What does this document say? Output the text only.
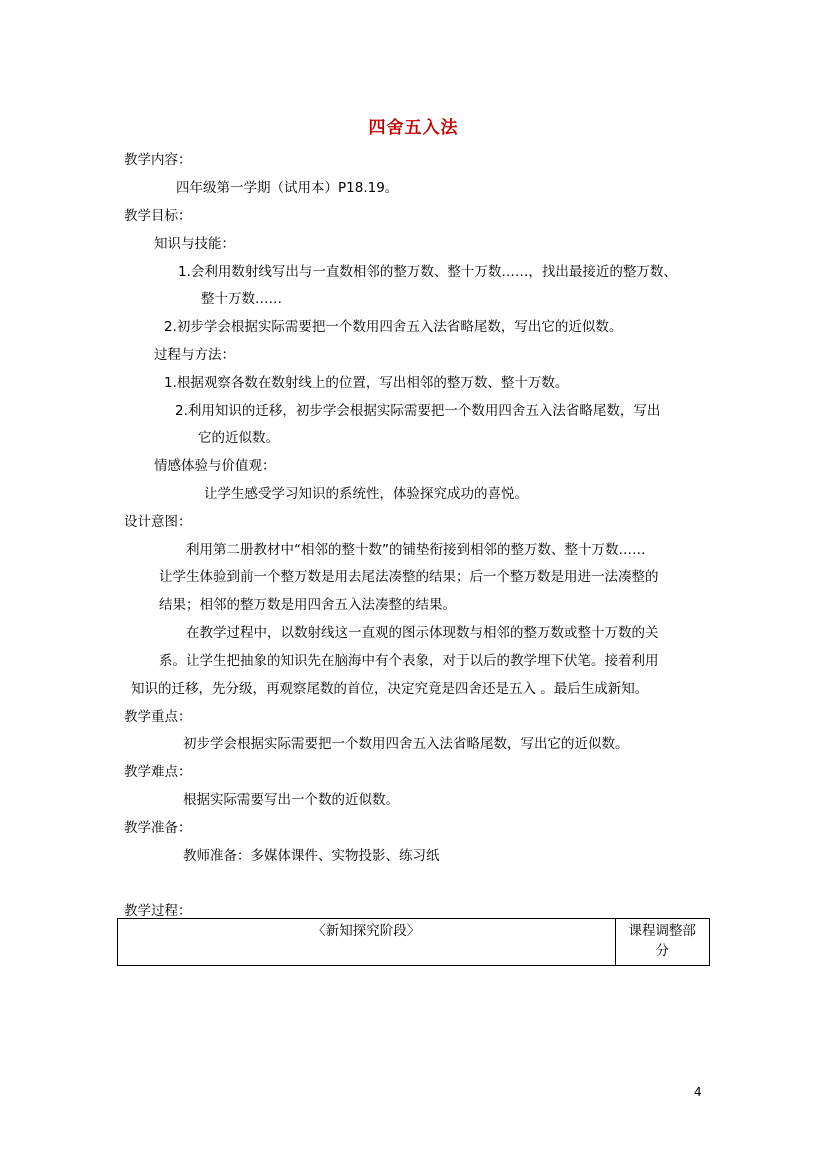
四舍五入法
教学内容：
四年级第一学期（试用本）P18.19。
教学目标：
知识与技能：
1.会利用数射线写出与一直数相邻的整万数、整十万数……，找出最接近的整万数、
整十万数……
2.初步学会根据实际需要把一个数用四舍五入法省略尾数，写出它的近似数。
过程与方法：
1.根据观察各数在数射线上的位置，写出相邻的整万数、整十万数。
2.利用知识的迁移，初步学会根据实际需要把一个数用四舍五入法省略尾数，写出
它的近似数。
情感体验与价值观：
让学生感受学习知识的系统性，体验探究成功的喜悦。
设计意图：
利用第二册教材中“相邻的整十数”的铺垫衔接到相邻的整万数、整十万数……
让学生体验到前一个整万数是用去尾法凑整的结果；后一个整万数是用进一法凑整的
结果；相邻的整万数是用四舍五入法凑整的结果。
在教学过程中，以数射线这一直观的图示体现数与相邻的整万数或整十万数的关
系。让学生把抽象的知识先在脑海中有个表象，对于以后的教学埋下伏笔。接着利用
知识的迁移，先分级，再观察尾数的首位，决定究竟是四舍还是五入 。最后生成新知。
教学重点：
初步学会根据实际需要把一个数用四舍五入法省略尾数，写出它的近似数。
教学难点：
根据实际需要写出一个数的近似数。
教学准备：
教师准备：多媒体课件、实物投影、练习纸
教学过程：
〈新知探究阶段〉	课程调整部
分
4
